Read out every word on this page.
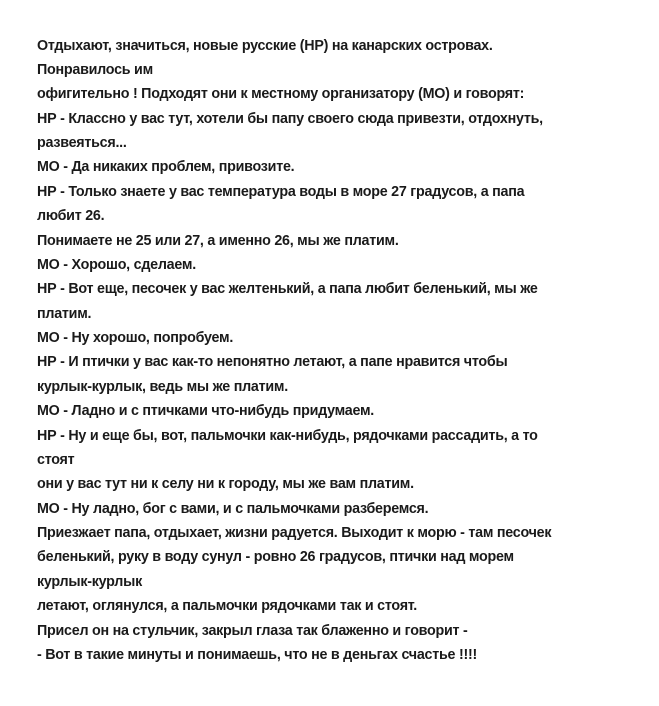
Отдыхают, значиться, новые русские (НР) на канарских островах.

Понравилось им

офигительно ! Подходят они к местному организатору (МО) и говорят:

НР - Классно у вас тут, хотели бы папу своего сюда привезти, отдохнуть,

развеяться...

МО - Да никаких проблем, привозите.

НР - Только знаете у вас температура воды в море 27 градусов, а папа

любит 26.

Понимаете не 25 или 27, а именно 26, мы же платим.

МО - Хорошо, сделаем.

НР - Вот еще, песочек у вас желтенький, а папа любит беленький, мы же

платим.

МО - Ну хорошо, попробуем.

НР - И птички у вас как-то непонятно летают, а папе нравится чтобы

курлык-курлык, ведь мы же платим.

МО - Ладно и с птичками что-нибудь придумаем.

НР - Ну и еще бы, вот, пальмочки как-нибудь, рядочками рассадить, а то

стоят

они у вас тут ни к селу ни к городу, мы же вам платим.

МО - Ну ладно, бог с вами, и с пальмочками разберемся.

Приезжает папа, отдыхает, жизни радуется. Выходит к морю - там песочек

беленький, руку в воду сунул - ровно 26 градусов, птички над морем

курлык-курлык

летают, оглянулся, а пальмочки рядочками так и стоят.

Присел он на стульчик, закрыл глаза так блаженно и говорит -

- Вот в такие минуты и понимаешь, что не в деньгах счастье !!!!
